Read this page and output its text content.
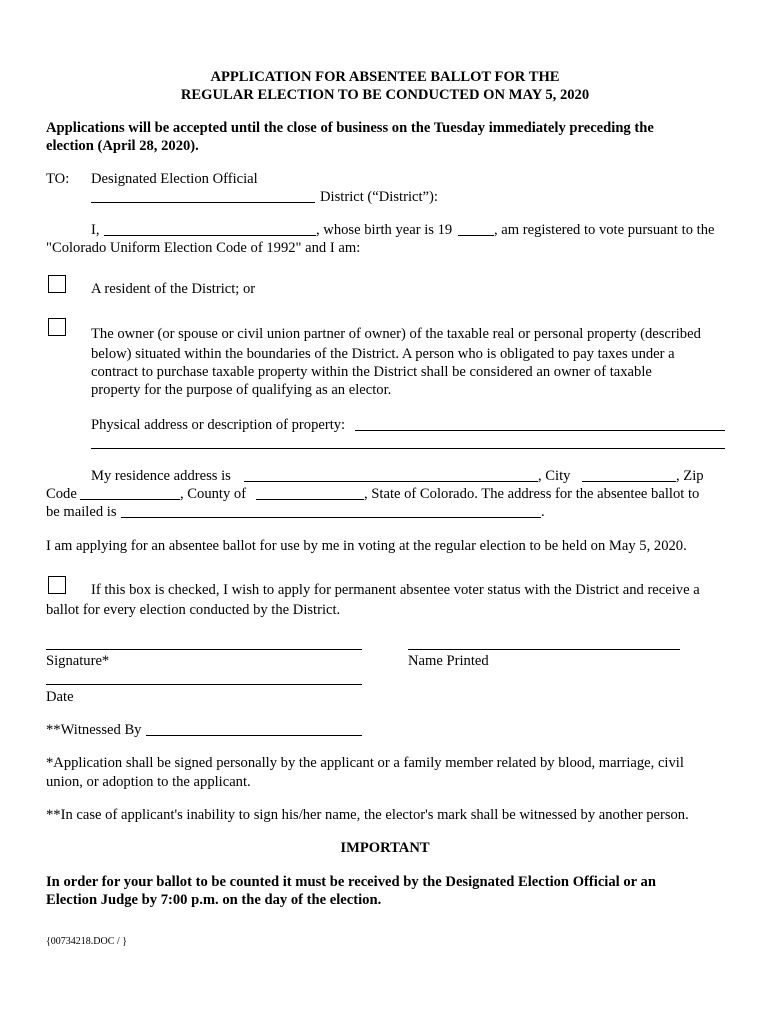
APPLICATION FOR ABSENTEE BALLOT FOR THE
REGULAR ELECTION TO BE CONDUCTED ON MAY 5, 2020
Applications will be accepted until the close of business on the Tuesday immediately preceding the
election (April 28, 2020).
TO: Designated Election Official
District (“District”):
I,	, whose birth year is 19	, am registered to vote pursuant to the
"Colorado Uniform Election Code of 1992" and I am:
A resident of the District; or
The owner (or spouse or civil union partner of owner) of the taxable real or personal property (described
below) situated within the boundaries of the District. A person who is obligated to pay taxes under a
contract to purchase taxable property within the District shall be considered an owner of taxable
property for the purpose of qualifying as an elector.
Physical address or description of property:
My residence address is	, City	, Zip
Code	, County of	, State of Colorado. The address for the absentee ballot to
be mailed is	.
I am applying for an absentee ballot for use by me in voting at the regular election to be held on May 5, 2020.
If this box is checked, I wish to apply for permanent absentee voter status with the District and receive a
ballot for every election conducted by the District.
Signature*	Name Printed
Date
**Witnessed By
*Application shall be signed personally by the applicant or a family member related by blood, marriage, civil
union, or adoption to the applicant.
**In case of applicant's inability to sign his/her name, the elector's mark shall be witnessed by another person.
IMPORTANT
In order for your ballot to be counted it must be received by the Designated Election Official or an
Election Judge by 7:00 p.m. on the day of the election.
{00734218.DOC / }
